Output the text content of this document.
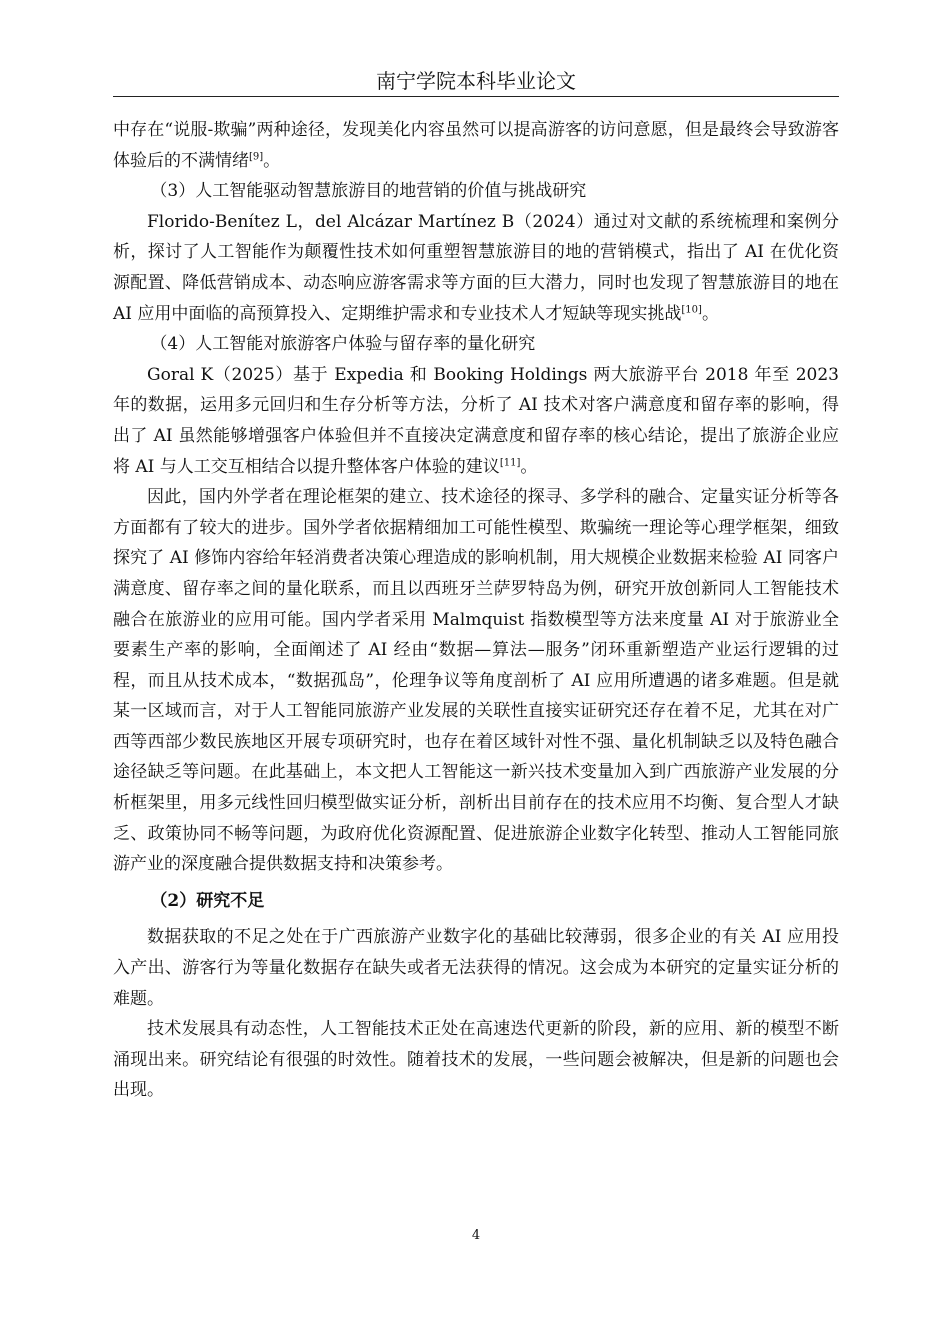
南宁学院本科毕业论文

中存在“说服-欺骗”两种途径，发现美化内容虽然可以提高游客的访问意愿，但是最终会导致游客体验后的不满情绪[9]。

（3）人工智能驱动智慧旅游目的地营销的价值与挑战研究

Florido-Benítez L，del Alcázar Martínez B（2024）通过对文献的系统梳理和案例分析，探讨了人工智能作为颠覆性技术如何重塑智慧旅游目的地的营销模式，指出了 AI 在优化资源配置、降低营销成本、动态响应游客需求等方面的巨大潜力，同时也发现了智慧旅游目的地在 AI 应用中面临的高预算投入、定期维护需求和专业技术人才短缺等现实挑战[10]。

（4）人工智能对旅游客户体验与留存率的量化研究

Goral K（2025）基于 Expedia 和 Booking Holdings 两大旅游平台 2018 年至 2023 年的数据，运用多元回归和生存分析等方法，分析了 AI 技术对客户满意度和留存率的影响，得出了 AI 虽然能够增强客户体验但并不直接决定满意度和留存率的核心结论，提出了旅游企业应将 AI 与人工交互相结合以提升整体客户体验的建议[11]。

因此，国内外学者在理论框架的建立、技术途径的探寻、多学科的融合、定量实证分析等各方面都有了较大的进步。国外学者依据精细加工可能性模型、欺骗统一理论等心理学框架，细致探究了 AI 修饰内容给年轻消费者决策心理造成的影响机制，用大规模企业数据来检验 AI 同客户满意度、留存率之间的量化联系，而且以西班牙兰萨罗特岛为例，研究开放创新同人工智能技术融合在旅游业的应用可能。国内学者采用 Malmquist 指数模型等方法来度量 AI 对于旅游业全要素生产率的影响，全面阐述了 AI 经由“数据—算法—服务”闭环重新塑造产业运行逻辑的过程，而且从技术成本，“数据孤岛”，伦理争议等角度剖析了 AI 应用所遭遇的诸多难题。但是就某一区域而言，对于人工智能同旅游产业发展的关联性直接实证研究还存在着不足，尤其在对广西等西部少数民族地区开展专项研究时，也存在着区域针对性不强、量化机制缺乏以及特色融合途径缺乏等问题。在此基础上，本文把人工智能这一新兴技术变量加入到广西旅游产业发展的分析框架里，用多元线性回归模型做实证分析，剖析出目前存在的技术应用不均衡、复合型人才缺乏、政策协同不畅等问题，为政府优化资源配置、促进旅游企业数字化转型、推动人工智能同旅游产业的深度融合提供数据支持和决策参考。

（2）研究不足

数据获取的不足之处在于广西旅游产业数字化的基础比较薄弱，很多企业的有关 AI 应用投入产出、游客行为等量化数据存在缺失或者无法获得的情况。这会成为本研究的定量实证分析的难题。

技术发展具有动态性，人工智能技术正处在高速迭代更新的阶段，新的应用、新的模型不断涌现出来。研究结论有很强的时效性。随着技术的发展，一些问题会被解决，但是新的问题也会出现。

4
